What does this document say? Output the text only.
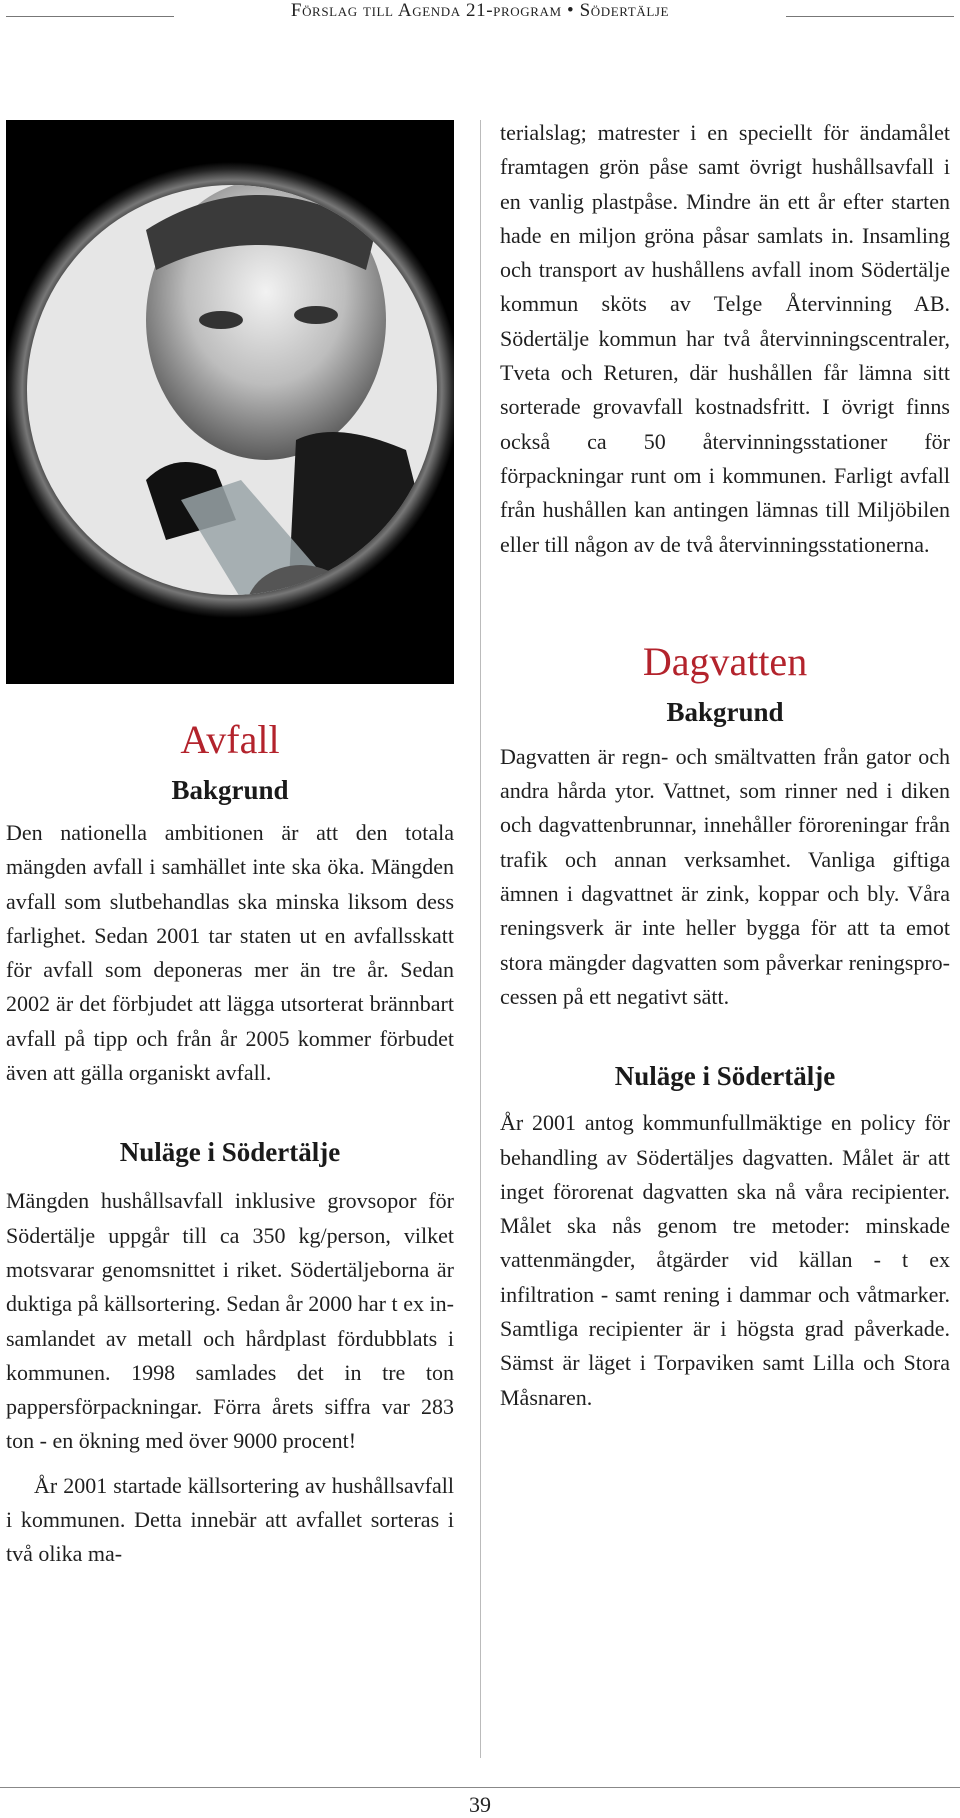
Förslag till Agenda 21-program • Södertälje
Avfall
Bakgrund

Den nationella ambitionen är att den totala mängden avfall i samhället inte ska öka. Mängden avfall som slutbehandlas ska minska liksom dess farlighet. Sedan 2001 tar staten ut en avfallsskatt för avfall som deponeras mer än tre år. Sedan 2002 är det förbjudet att lägga utsorterat brännbart avfall på tipp och från år 2005 kommer förbudet även att gälla organiskt avfall.

Nuläge i Södertälje

Mängden hushållsavfall inklusive grovsopor för Södertälje uppgår till ca 350 kg/person, vilket motsvarar genomsnittet i riket. Södertäljeborna är duktiga på källsortering. Sedan år 2000 har t ex insamlandet av metall och hårdplast fördubblats i kommunen. 1998 samlades det in tre ton pappersförpackningar. Förra årets siffra var 283 ton - en ökning med över 9000 procent!

År 2001 startade källsortering av hushållsavfall i kommunen. Detta innebär att avfallet sorteras i två olika ma-

terialslag; matrester i en speciellt för ändamålet framtagen grön påse samt övrigt hushållsavfall i en vanlig plastpåse. Mindre än ett år efter starten hade en miljon gröna påsar samlats in. Insamling och transport av hushållens avfall inom Södertälje kommun sköts av Telge Återvinning AB. Södertälje kommun har två återvinningscentraler, Tveta och Returen, där hushållen får lämna sitt sorterade grovavfall kostnadsfritt. I övrigt finns också ca 50 återvinningsstationer för förpackningar runt om i kommunen. Farligt avfall från hushållen kan antingen lämnas till Miljöbilen eller till någon av de två återvinningsstationerna.

Dagvatten
Bakgrund

Dagvatten är regn- och smältvatten från gator och andra hårda ytor. Vattnet, som rinner ned i diken och dagvattenbrunnar, innehåller föroreningar från trafik och annan verksamhet. Vanliga giftiga ämnen i dagvattnet är zink, koppar och bly. Våra reningsverk är inte heller bygga för att ta emot stora mängder dagvatten som påverkar reningsprocessen på ett negativt sätt.

Nuläge i Södertälje

År 2001 antog kommunfullmäktige en policy för behandling av Södertäljes dagvatten. Målet är att inget förorenat dagvatten ska nå våra recipienter. Målet ska nås genom tre metoder: minskade vattenmängder, åtgärder vid källan - t ex infiltration - samt rening i dammar och våtmarker. Samtliga recipienter är i högsta grad påverkade. Sämst är läget i Torpaviken samt Lilla och Stora Måsnaren.

39
